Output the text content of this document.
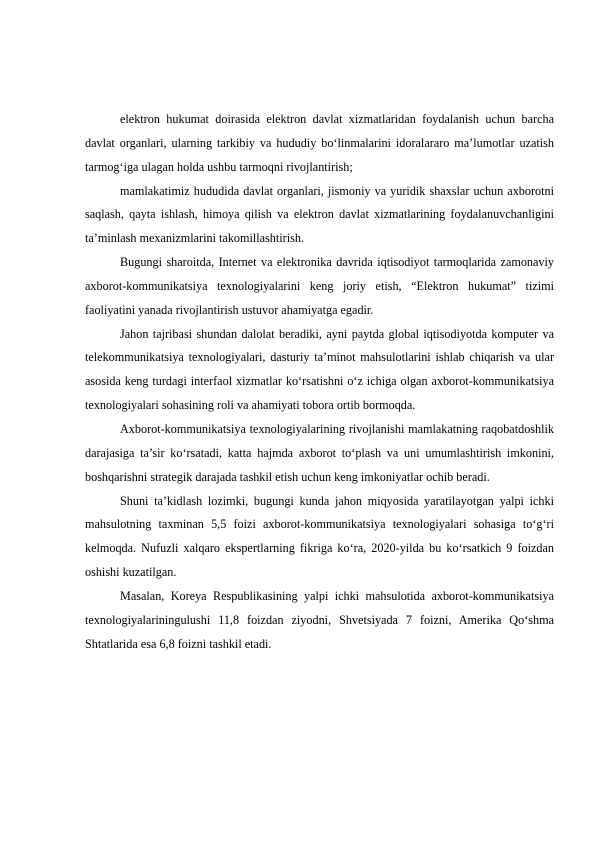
elektron hukumat doirasida elektron davlat xizmatlaridan foydalanish uchun barcha davlat organlari, ularning tarkibiy va hududiy bo‘linmalarini idoralararo ma’lumotlar uzatish tarmog‘iga ulagan holda ushbu tarmoqni rivojlantirish;

mamlakatimiz hududida davlat organlari, jismoniy va yuridik shaxslar uchun axborotni saqlash, qayta ishlash, himoya qilish va elektron davlat xizmatlarining foydalanuvchanligini ta’minlash mexanizmlarini takomillashtirish.

Bugungi sharoitda, Internet va elektronika davrida iqtisodiyot tarmoqlarida zamonaviy axborot-kommunikatsiya texnologiyalarini keng joriy etish, “Elektron hukumat” tizimi faoliyatini yanada rivojlantirish ustuvor ahamiyatga egadir.

Jahon tajribasi shundan dalolat beradiki, ayni paytda global iqtisodiyotda komputer va telekommunikatsiya texnologiyalari, dasturiy ta’minot mahsulotlarini ishlab chiqarish va ular asosida keng turdagi interfaol xizmatlar ko‘rsatishni o‘z ichiga olgan axborot-kommunikatsiya texnologiyalari sohasining roli va ahamiyati tobora ortib bormoqda.

Axborot-kommunikatsiya texnologiyalarining rivojlanishi mamlakatning raqobatdoshlik darajasiga ta’sir ko‘rsatadi, katta hajmda axborot to‘plash va uni umumlashtirish imkonini, boshqarishni strategik darajada tashkil etish uchun keng imkoniyatlar ochib beradi.

Shuni ta’kidlash lozimki, bugungi kunda jahon miqyosida yaratilayotgan yalpi ichki mahsulotning taxminan 5,5 foizi axborot-kommunikatsiya texnologiyalari sohasiga to‘g‘ri kelmoqda. Nufuzli xalqaro ekspertlarning fikriga ko‘ra, 2020-yilda bu ko‘rsatkich 9 foizdan oshishi kuzatilgan.

Masalan, Koreya Respublikasining yalpi ichki mahsulotida axborot-kommunikatsiya texnologiyalariningulushi 11,8 foizdan ziyodni, Shvetsiyada 7 foizni, Amerika Qo‘shma Shtatlarida esa 6,8 foizni tashkil etadi.
